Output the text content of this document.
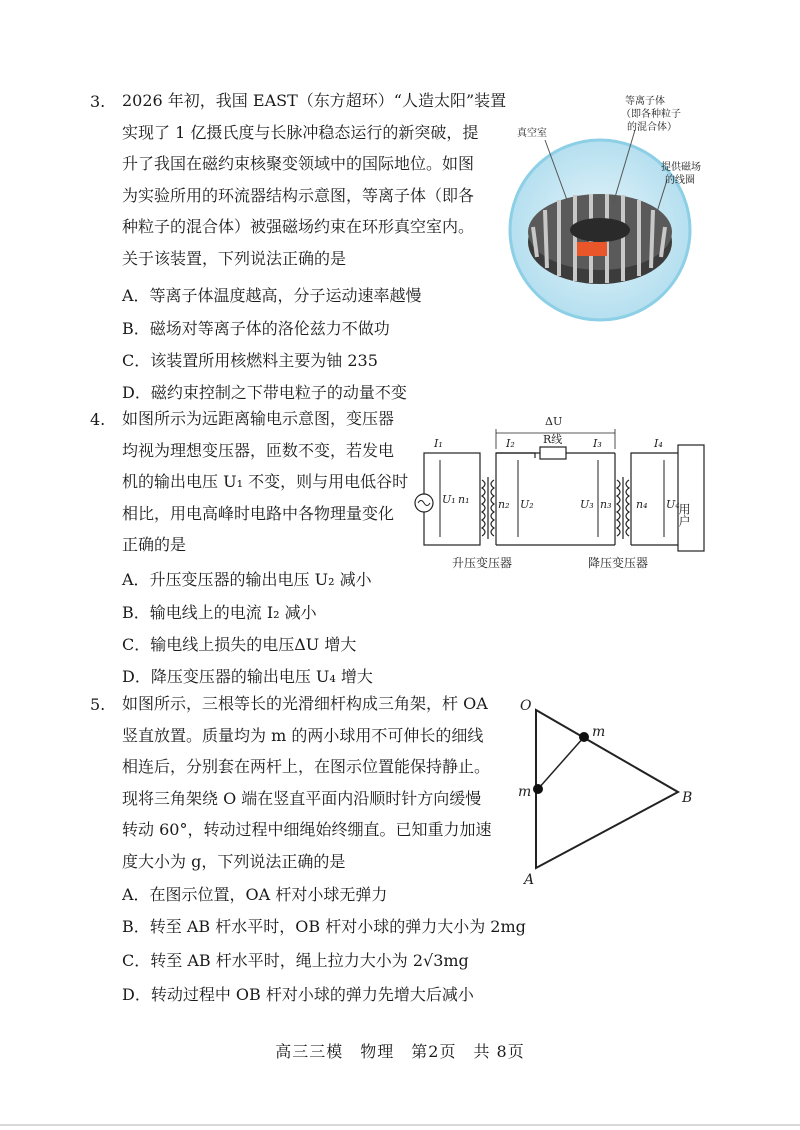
3. 2026 年初，我国 EAST（东方超环）“人造太阳”装置
实现了 1 亿摄氏度与长脉冲稳态运行的新突破，提
升了我国在磁约束核聚变领域中的国际地位。如图
为实验所用的环流器结构示意图，等离子体（即各
种粒子的混合体）被强磁场约束在环形真空室内。
关于该装置，下列说法正确的是
A．等离子体温度越高，分子运动速率越慢
B．磁场对等离子体的洛伦兹力不做功
C．该装置所用核燃料主要为铀 235
D．磁约束控制之下带电粒子的动量不变
真空室
等离子体
（即各种粒子
的混合体）
提供磁场
的线圈
4. 如图所示为远距离输电示意图，变压器
均视为理想变压器，匝数不变，若发电
机的输出电压 U₁ 不变，则与用电低谷时
相比，用电高峰时电路中各物理量变化
正确的是
A．升压变压器的输出电压 U₂ 减小
B．输电线上的电流 I₂ 减小
C．输电线上损失的电压ΔU 增大
D．降压变压器的输出电压 U₄ 增大
ΔU
R线
I₁	I₂	I₃	I₄
U₁ n₁	n₂ U₂	U₃ n₃ n₄ U₄
用户
升压变压器	降压变压器
5. 如图所示，三根等长的光滑细杆构成三角架，杆 OA
竖直放置。质量均为 m 的两小球用不可伸长的细线
相连后，分别套在两杆上，在图示位置能保持静止。
现将三角架绕 O 端在竖直平面内沿顺时针方向缓慢
转动 60°，转动过程中细绳始终绷直。已知重力加速
度大小为 g，下列说法正确的是
A．在图示位置，OA 杆对小球无弹力
B．转至 AB 杆水平时，OB 杆对小球的弹力大小为 2mg
C．转至 AB 杆水平时，绳上拉力大小为 2√3mg
D．转动过程中 OB 杆对小球的弹力先增大后减小
O
A
B
m
m
高三三模　物理　第2页　共 8页
